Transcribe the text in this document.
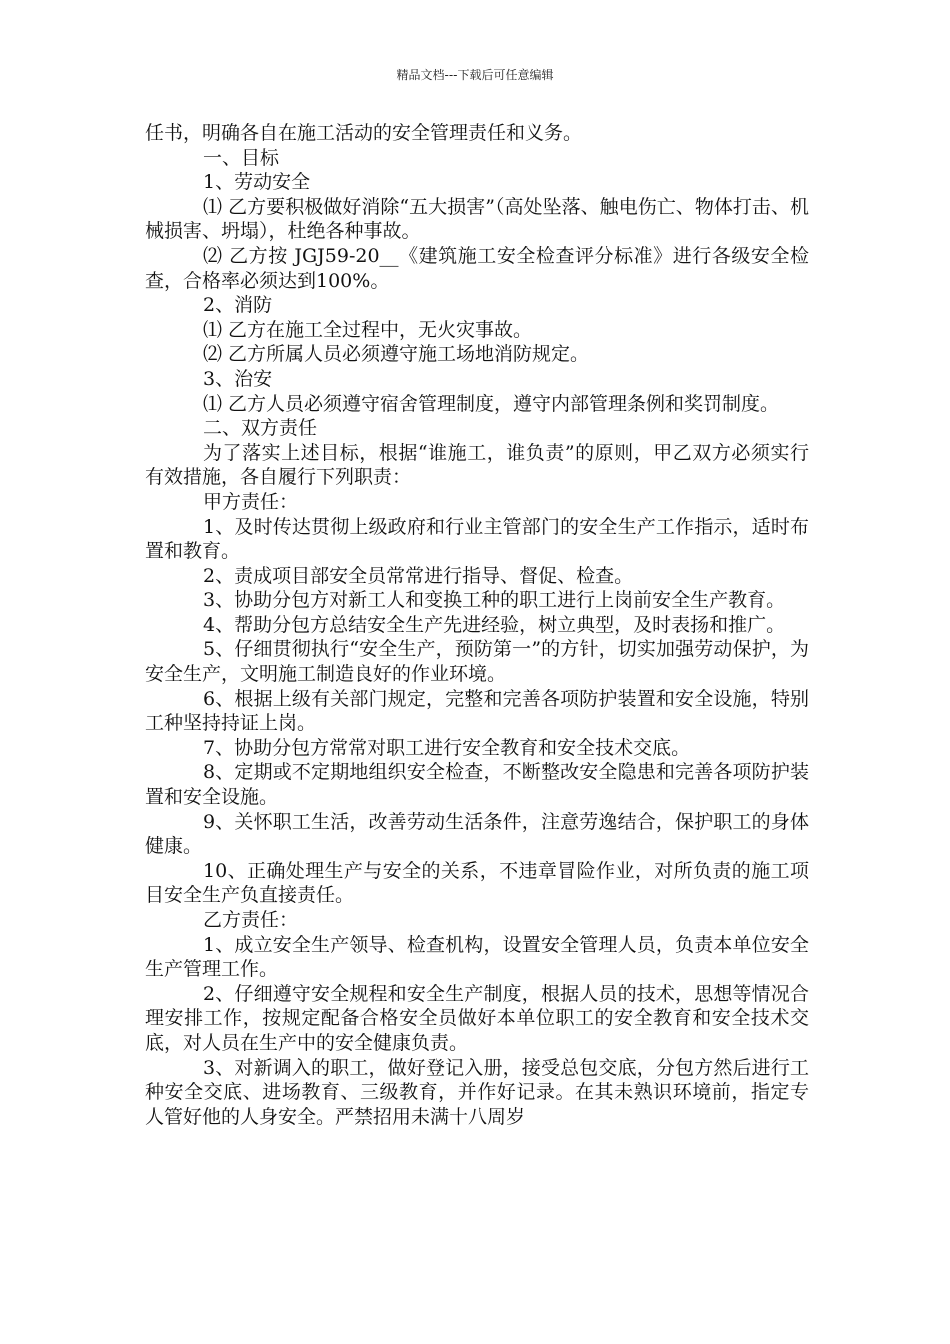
精品文档---下载后可任意编辑

任书，明确各自在施工活动的安全管理责任和义务。

一、目标

1、劳动安全

⑴ 乙方要积极做好消除“五大损害”（高处坠落、触电伤亡、物体打击、机械损害、坍塌），杜绝各种事故。

⑵ 乙方按 JGJ59-20__《建筑施工安全检查评分标准》进行各级安全检查，合格率必须达到100%。

2、消防

⑴ 乙方在施工全过程中，无火灾事故。

⑵ 乙方所属人员必须遵守施工场地消防规定。

3、治安

⑴ 乙方人员必须遵守宿舍管理制度，遵守内部管理条例和奖罚制度。

二、双方责任

为了落实上述目标，根据“谁施工，谁负责”的原则，甲乙双方必须实行有效措施，各自履行下列职责：

甲方责任：

1、及时传达贯彻上级政府和行业主管部门的安全生产工作指示，适时布置和教育。

2、责成项目部安全员常常进行指导、督促、检查。

3、协助分包方对新工人和变换工种的职工进行上岗前安全生产教育。

4、帮助分包方总结安全生产先进经验，树立典型，及时表扬和推广。

5、仔细贯彻执行“安全生产，预防第一”的方针，切实加强劳动保护，为安全生产，文明施工制造良好的作业环境。

6、根据上级有关部门规定，完整和完善各项防护装置和安全设施，特别工种坚持持证上岗。

7、协助分包方常常对职工进行安全教育和安全技术交底。

8、定期或不定期地组织安全检查，不断整改安全隐患和完善各项防护装置和安全设施。

9、关怀职工生活，改善劳动生活条件，注意劳逸结合，保护职工的身体健康。

10、正确处理生产与安全的关系，不违章冒险作业，对所负责的施工项目安全生产负直接责任。

乙方责任：

1、成立安全生产领导、检查机构，设置安全管理人员，负责本单位安全生产管理工作。

2、仔细遵守安全规程和安全生产制度，根据人员的技术，思想等情况合理安排工作，按规定配备合格安全员做好本单位职工的安全教育和安全技术交底，对人员在生产中的安全健康负责。

3、对新调入的职工，做好登记入册，接受总包交底，分包方然后进行工种安全交底、进场教育、三级教育，并作好记录。在其未熟识环境前，指定专人管好他的人身安全。严禁招用未满十八周岁
